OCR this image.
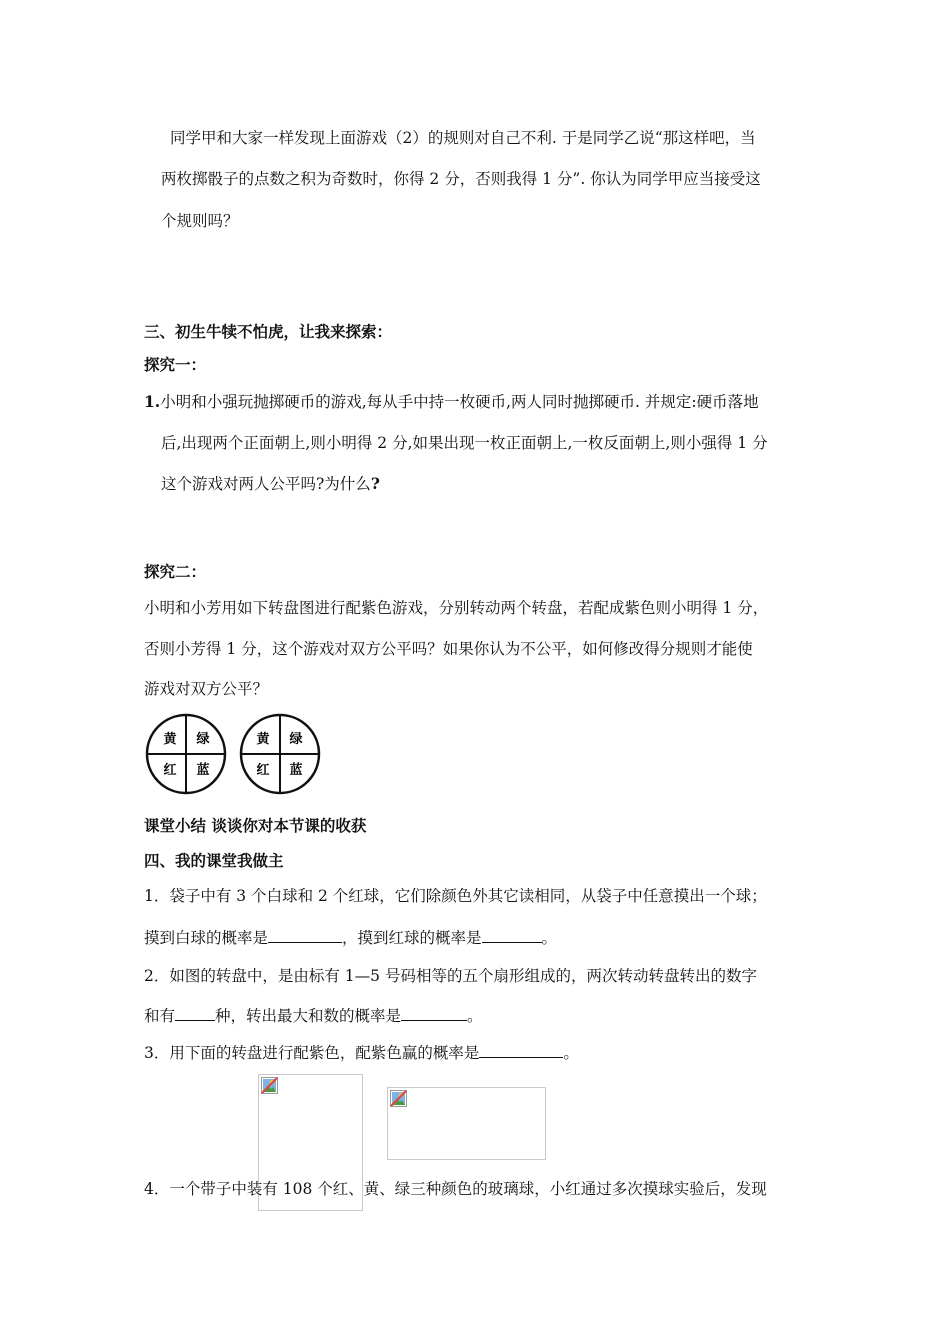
同学甲和大家一样发现上面游戏（2）的规则对自己不利. 于是同学乙说“那这样吧，当
两枚掷骰子的点数之积为奇数时，你得 2 分，否则我得 1 分”. 你认为同学甲应当接受这
个规则吗？
三、初生牛犊不怕虎，让我来探索：
探究一：
1.小明和小强玩抛掷硬币的游戏,每从手中持一枚硬币,两人同时抛掷硬币. 并规定:硬币落地
后,出现两个正面朝上,则小明得 2 分,如果出现一枚正面朝上,一枚反面朝上,则小强得 1 分
这个游戏对两人公平吗?为什么?
探究二：
小明和小芳用如下转盘图进行配紫色游戏，分别转动两个转盘，若配成紫色则小明得 1 分，
否则小芳得 1 分，这个游戏对双方公平吗？如果你认为不公平，如何修改得分规则才能使
游戏对双方公平？
黄 绿
红 蓝
黄 绿
红 蓝
课堂小结 谈谈你对本节课的收获
四、我的课堂我做主
1．袋子中有 3 个白球和 2 个红球，它们除颜色外其它读相同，从袋子中任意摸出一个球；
摸到白球的概率是	，摸到红球的概率是	。
2．如图的转盘中，是由标有 1—5 号码相等的五个扇形组成的，两次转动转盘转出的数字
和有	种，转出最大和数的概率是	。
3．用下面的转盘进行配紫色，配紫色赢的概率是	。
4．一个带子中装有 108 个红、黄、绿三种颜色的玻璃球，小红通过多次摸球实验后，发现
